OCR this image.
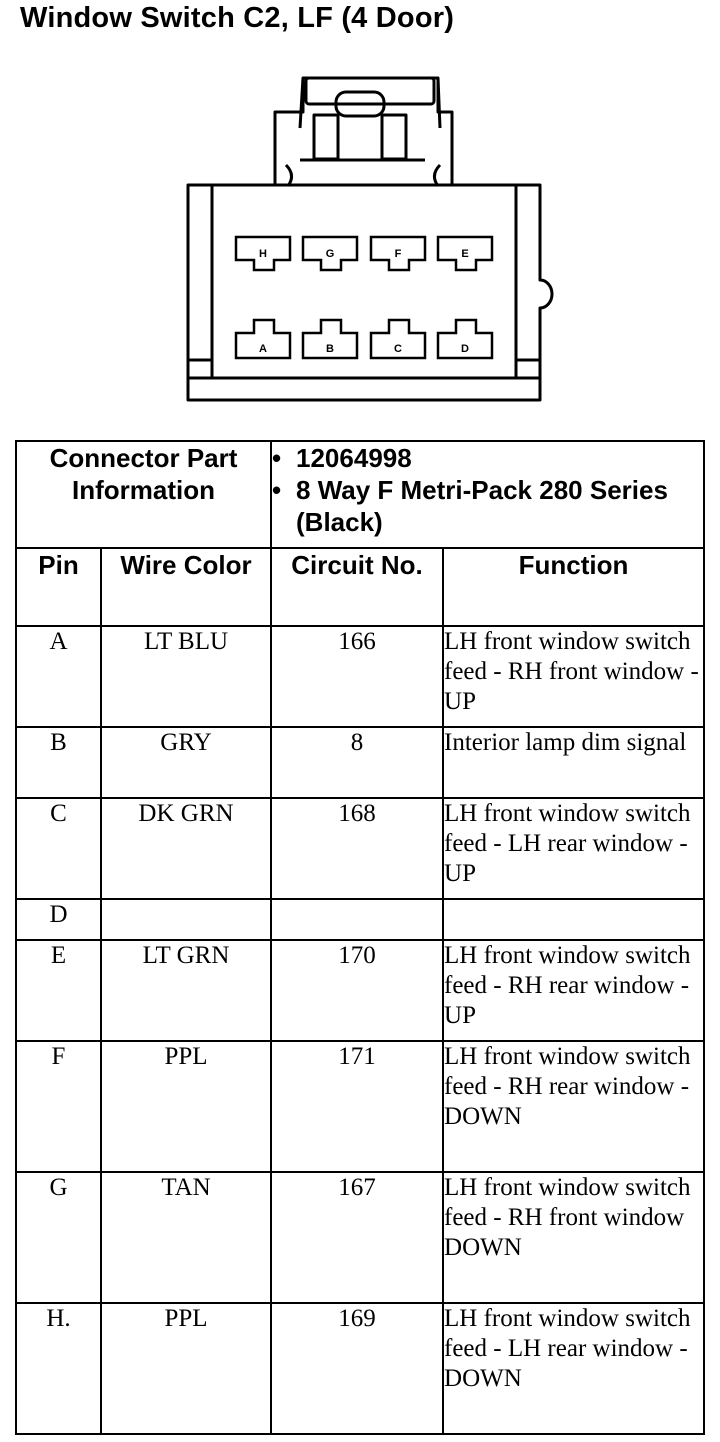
Window Switch C2, LF (4 Door)
H	G	F	E
A	B	C	D
Connector Part Information		• 12064998
• 8 Way F Metri-Pack 280 Series (Black)	

Pin	Wire Color	Circuit No.	Function
A	LT BLU	166	LH front window switch feed - RH front window - UP
B	GRY	8	Interior lamp dim signal
C	DK GRN	168	LH front window switch feed - LH rear window - UP
D			
E	LT GRN	170	LH front window switch feed - RH rear window - UP
F	PPL	171	LH front window switch feed - RH rear window - DOWN
G	TAN	167	LH front window switch feed - RH front window DOWN
H.	PPL	169	LH front window switch feed - LH rear window - DOWN
